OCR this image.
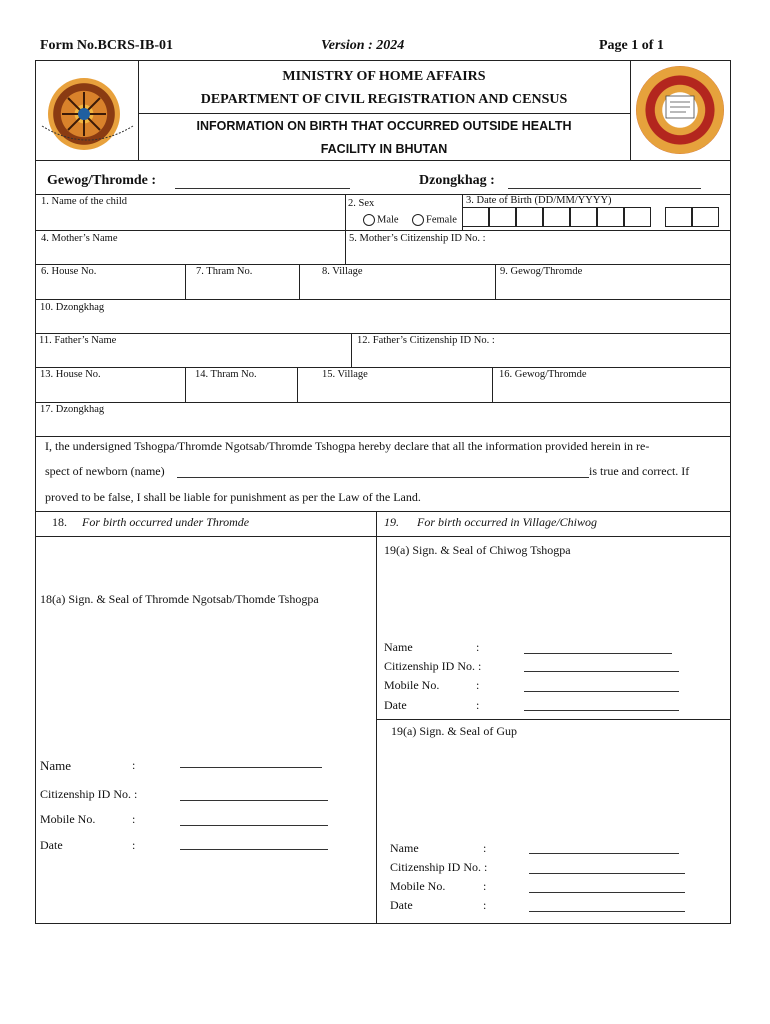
Form No.BCRS-IB-01	Version : 2024	Page 1 of 1
MINISTRY OF HOME AFFAIRS
DEPARTMENT OF CIVIL REGISTRATION AND CENSUS
INFORMATION ON BIRTH THAT OCCURRED OUTSIDE HEALTH
FACILITY IN BHUTAN
Gewog/Thromde :	Dzongkhag :
1. Name of the child	2. Sex
Male	Female
3. Date of Birth (DD/MM/YYYY)
4. Mother’s Name	5. Mother’s Citizenship ID No. :
6. House No.	7. Thram No.	8. Village	9. Gewog/Thromde
10. Dzongkhag
11. Father’s Name	12. Father’s Citizenship ID No. :
13. House No.	14. Thram No.	15. Village	16. Gewog/Thromde
17. Dzongkhag
I, the undersigned Tshogpa/Thromde Ngotsab/Thromde Tshogpa hereby declare that all the information provided herein in re-
spect of newborn (name)	is true and correct. If
proved to be false, I shall be liable for punishment as per the Law of the Land.
18. For birth occurred under Thromde	19. For birth occurred in Village/Chiwog
18(a) Sign. & Seal of Thromde Ngotsab/Thomde Tshogpa
Name	:
Citizenship ID No. :
Mobile No.	:
Date	:
19(a) Sign. & Seal of Chiwog Tshogpa
Name	:
Citizenship ID No. :
Mobile No.	:
Date	:
19(a) Sign. & Seal of Gup
Name	:
Citizenship ID No. :
Mobile No.	:
Date	:
